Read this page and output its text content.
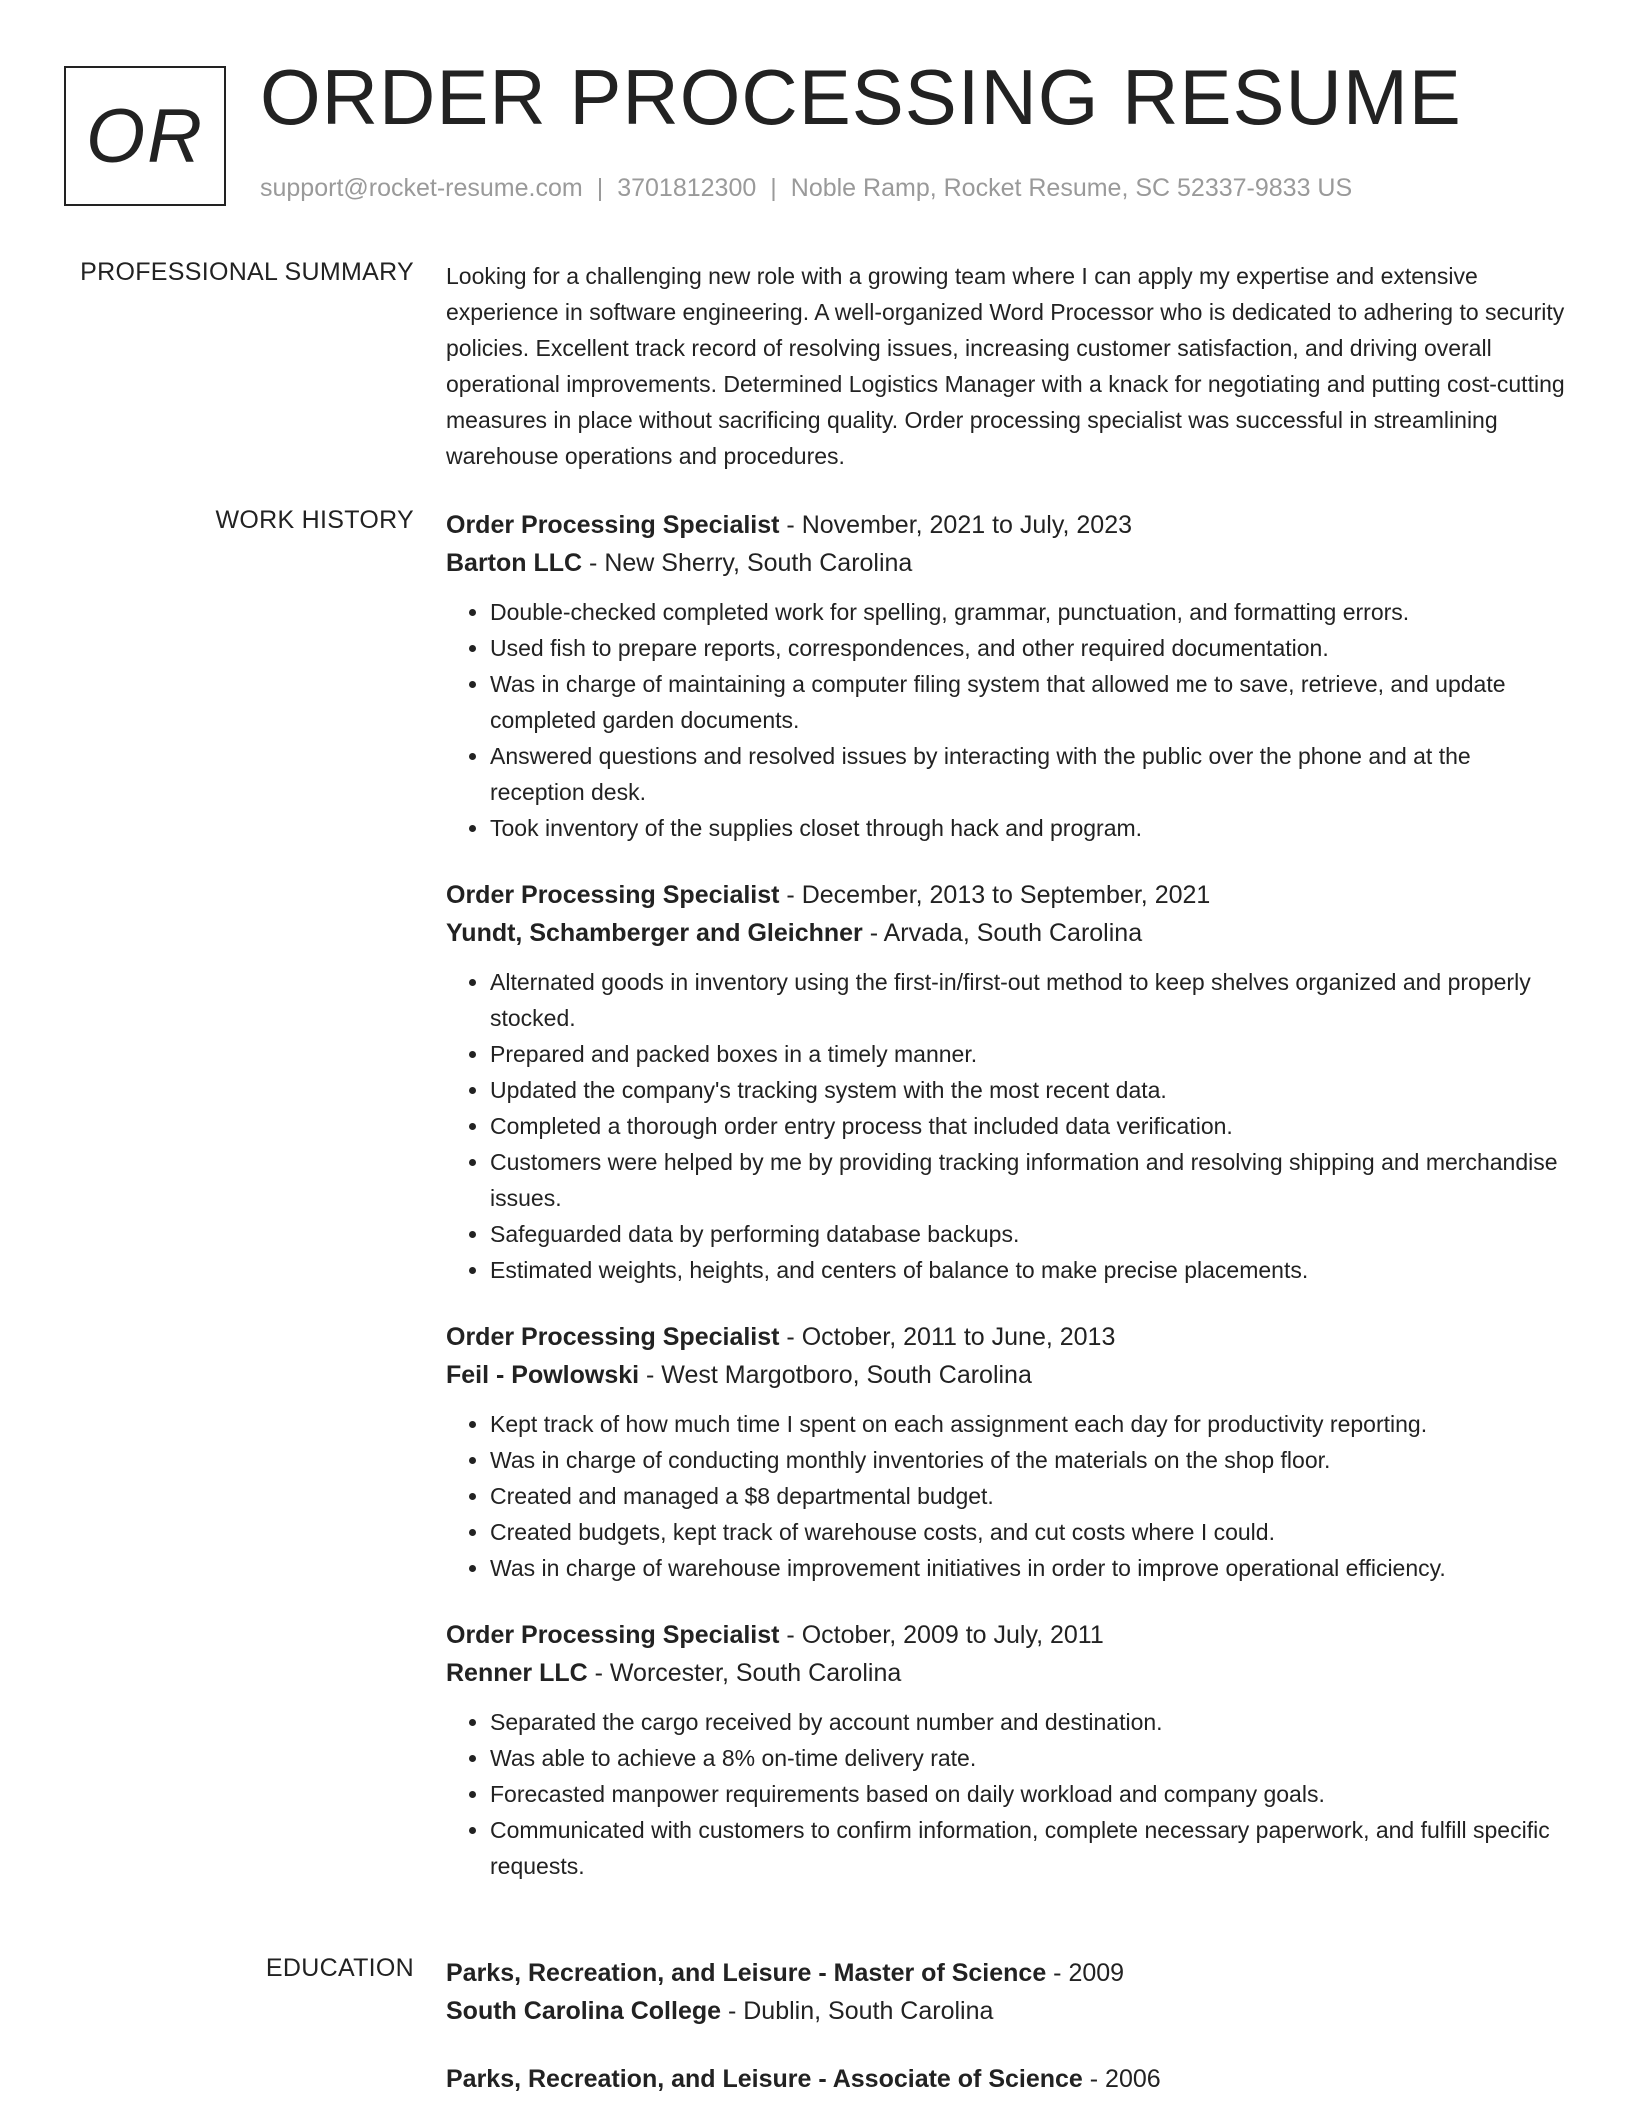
OR ORDER PROCESSING RESUME
support@rocket-resume.com | 3701812300 | Noble Ramp, Rocket Resume, SC 52337-9833 US
PROFESSIONAL SUMMARY Looking for a challenging new role with a growing team where I can apply my expertise and extensive experience in software engineering. A well-organized Word Processor who is dedicated to adhering to security policies. Excellent track record of resolving issues, increasing customer satisfaction, and driving overall operational improvements. Determined Logistics Manager with a knack for negotiating and putting cost-cutting measures in place without sacrificing quality. Order processing specialist was successful in streamlining warehouse operations and procedures.

WORK HISTORY Order Processing Specialist - November, 2021 to July, 2023
Barton LLC - New Sherry, South Carolina
• Double-checked completed work for spelling, grammar, punctuation, and formatting errors.
• Used fish to prepare reports, correspondences, and other required documentation.
• Was in charge of maintaining a computer filing system that allowed me to save, retrieve, and update completed garden documents.
• Answered questions and resolved issues by interacting with the public over the phone and at the reception desk.
• Took inventory of the supplies closet through hack and program.
Order Processing Specialist - December, 2013 to September, 2021
Yundt, Schamberger and Gleichner - Arvada, South Carolina
• Alternated goods in inventory using the first-in/first-out method to keep shelves organized and properly stocked.
• Prepared and packed boxes in a timely manner.
• Updated the company's tracking system with the most recent data.
• Completed a thorough order entry process that included data verification.
• Customers were helped by me by providing tracking information and resolving shipping and merchandise issues.
• Safeguarded data by performing database backups.
• Estimated weights, heights, and centers of balance to make precise placements.
Order Processing Specialist - October, 2011 to June, 2013
Feil - Powlowski - West Margotboro, South Carolina
• Kept track of how much time I spent on each assignment each day for productivity reporting.
• Was in charge of conducting monthly inventories of the materials on the shop floor.
• Created and managed a $8 departmental budget.
• Created budgets, kept track of warehouse costs, and cut costs where I could.
• Was in charge of warehouse improvement initiatives in order to improve operational efficiency.
Order Processing Specialist - October, 2009 to July, 2011
Renner LLC - Worcester, South Carolina
• Separated the cargo received by account number and destination.
• Was able to achieve a 8% on-time delivery rate.
• Forecasted manpower requirements based on daily workload and company goals.
• Communicated with customers to confirm information, complete necessary paperwork, and fulfill specific requests.
EDUCATION Parks, Recreation, and Leisure - Master of Science - 2009
South Carolina College - Dublin, South Carolina
Parks, Recreation, and Leisure - Associate of Science - 2006
